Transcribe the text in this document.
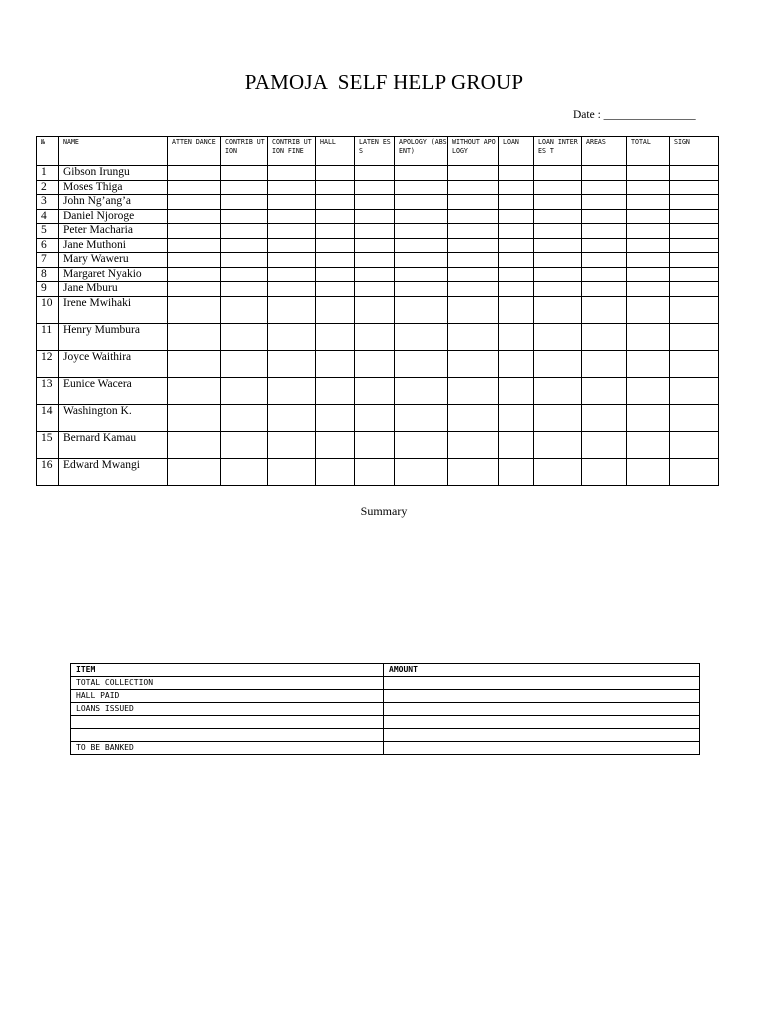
PAMOJA  SELF HELP GROUP
Date : ________________
№	NAME	ATTEN DANCE	CONTRIB UTION	CONTRIB UTION FINE	HALL	LATEN ESS	APOLOGY (ABSENT)	WITHOUT APOLOGY	LOAN	LOAN INTERES T	AREAS	TOTAL	SIGN
1	Gibson Irungu												
2	Moses Thiga												
3	John Ng’ang’a												
4	Daniel Njoroge												
5	Peter Macharia												
6	Jane Muthoni												
7	Mary Waweru												
8	Margaret Nyakio												
9	Jane Mburu												
10	Irene Mwihaki												
11	Henry Mumbura												
12	Joyce Waithira												
13	Eunice Wacera												
14	Washington K.												
15	Bernard Kamau												
16	Edward Mwangi												
Summary
ITEM	AMOUNT
TOTAL COLLECTION	
HALL PAID	
LOANS ISSUED	

TO BE BANKED	
